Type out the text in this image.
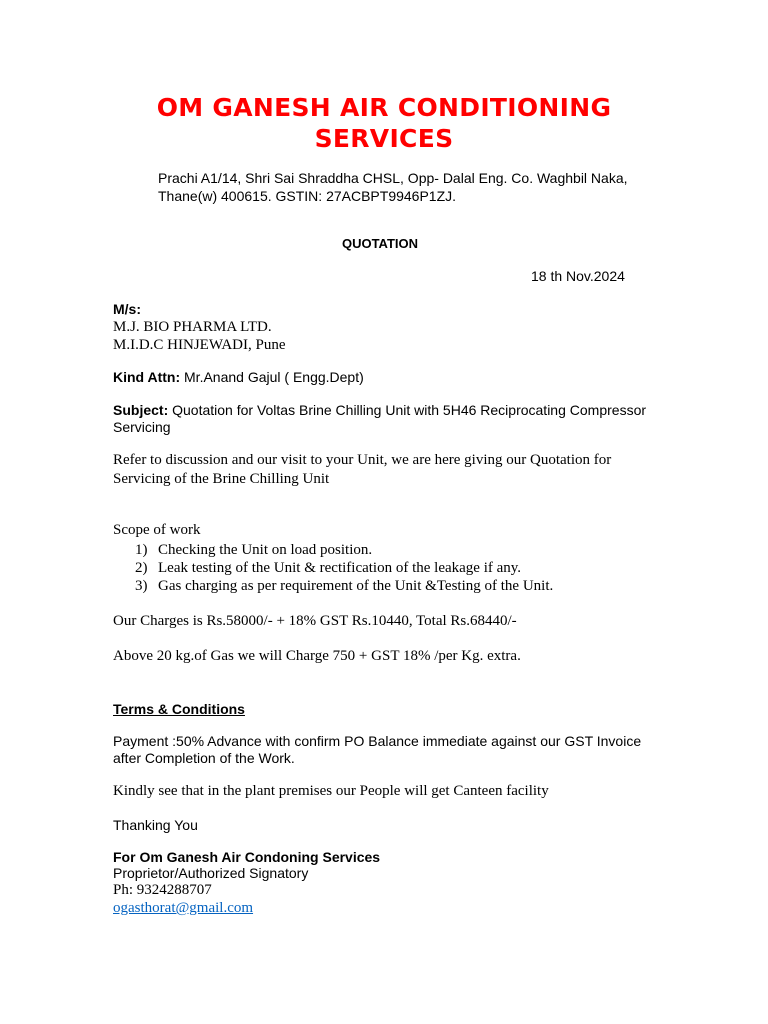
OM GANESH AIR CONDITIONING SERVICES
Prachi A1/14, Shri Sai Shraddha CHSL, Opp- Dalal Eng. Co. Waghbil Naka, Thane(w) 400615. GSTIN: 27ACBPT9946P1ZJ.
QUOTATION
18 th Nov.2024
M/s:
M.J. BIO PHARMA LTD.
M.I.D.C HINJEWADI, Pune
Kind Attn: Mr.Anand Gajul ( Engg.Dept)
Subject: Quotation for Voltas Brine Chilling Unit with 5H46 Reciprocating Compressor Servicing
Refer to discussion and our visit to your Unit, we are here giving our Quotation for Servicing of the Brine Chilling Unit
Scope of work
1) Checking the Unit on load position.
2) Leak testing of the Unit & rectification of the leakage if any.
3) Gas charging as per requirement of the Unit &Testing of the Unit.
Our Charges is Rs.58000/- + 18% GST Rs.10440, Total Rs.68440/-
Above 20 kg.of Gas we will Charge 750 + GST 18% /per Kg. extra.
Terms & Conditions
Payment :50% Advance with confirm PO Balance immediate against our GST Invoice after Completion of the Work.
Kindly see that in the plant premises our People will get Canteen facility
Thanking You
For Om Ganesh Air Condoning Services
Proprietor/Authorized Signatory
Ph: 9324288707
ogasthorat@gmail.com
